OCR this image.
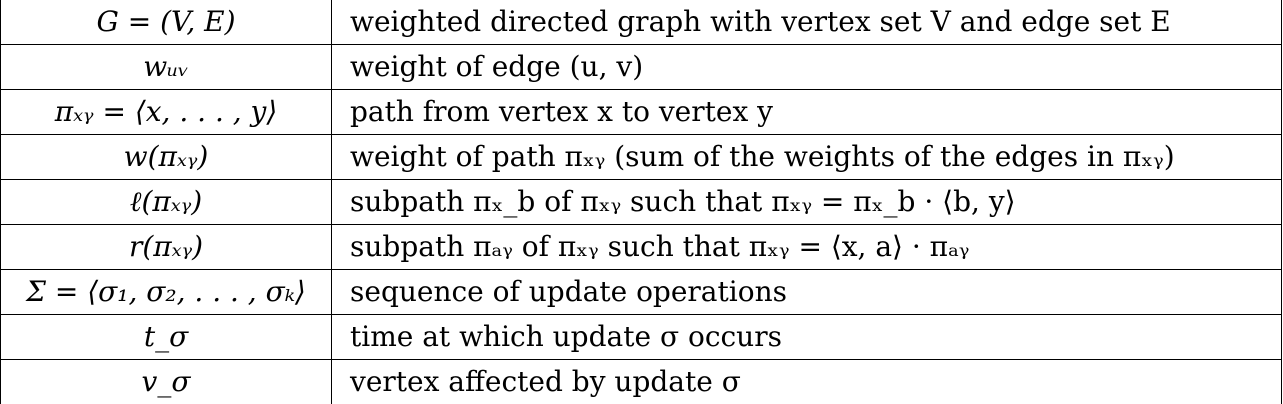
G = (V, E)	weighted directed graph with vertex set V and edge set E
wᵤᵥ	weight of edge (u, v)
πₓᵧ = ⟨x, . . . , y⟩	path from vertex x to vertex y
w(πₓᵧ)	weight of path πₓᵧ (sum of the weights of the edges in πₓᵧ)
ℓ(πₓᵧ)	subpath πₓ_b of πₓᵧ such that πₓᵧ = πₓ_b · ⟨b, y⟩
r(πₓᵧ)	subpath πₐᵧ of πₓᵧ such that πₓᵧ = ⟨x, a⟩ · πₐᵧ
Σ = ⟨σ₁, σ₂, . . . , σₖ⟩	sequence of update operations
t_σ	time at which update σ occurs
v_σ	vertex affected by update σ
